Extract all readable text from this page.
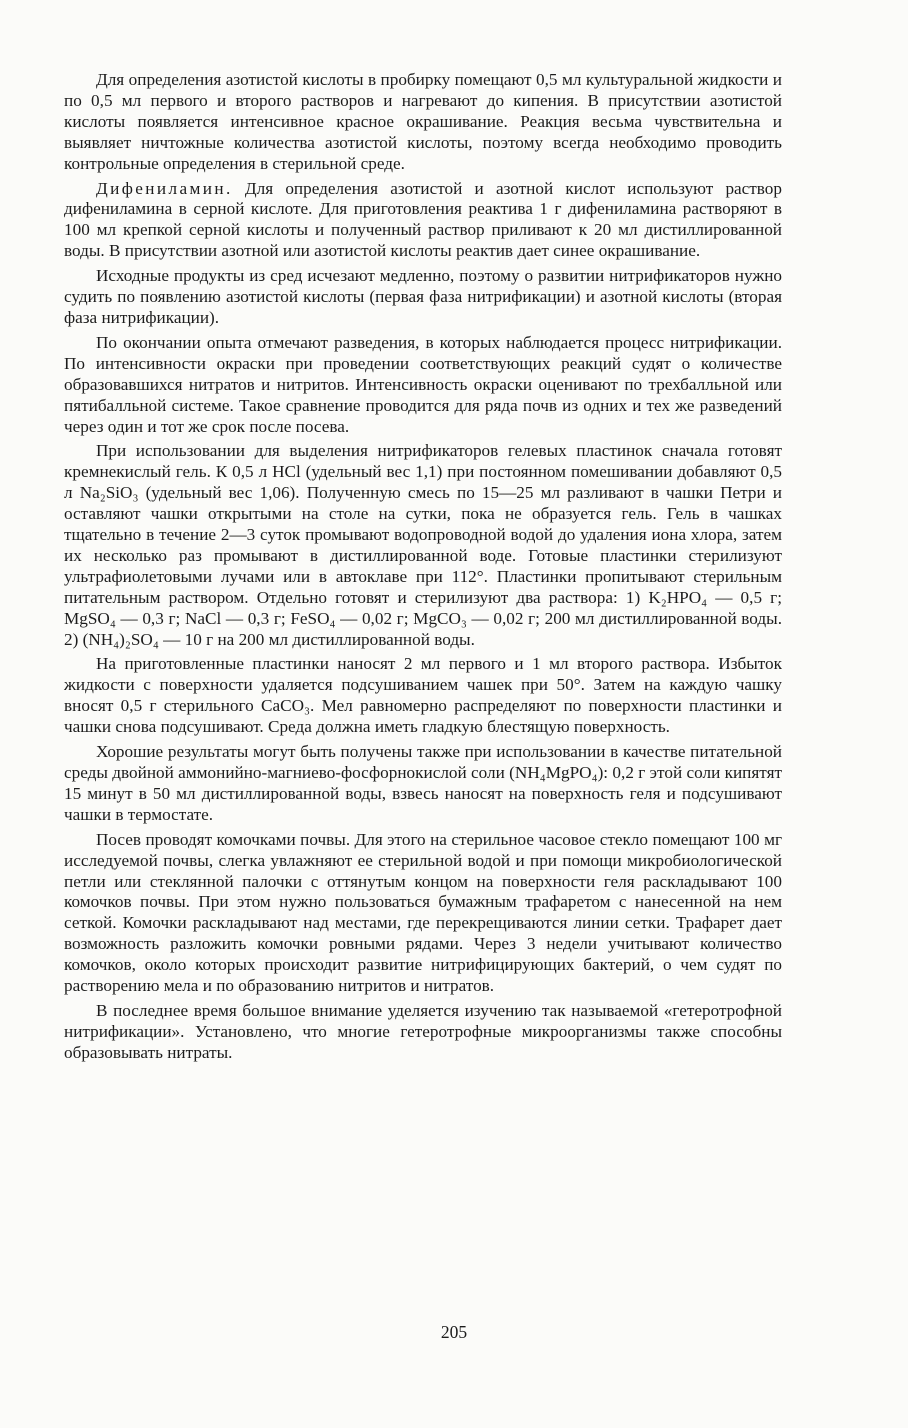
Для определения азотистой кислоты в пробирку помещают 0,5 мл культуральной жидкости и по 0,5 мл первого и второго растворов и нагревают до кипения. В присутствии азотистой кислоты появляется интенсивное красное окрашивание. Реакция весьма чувствительна и выявляет ничтожные количества азотистой кислоты, поэтому всегда необходимо проводить контрольные определения в стерильной среде.

Дифениламин. Для определения азотистой и азотной кислот используют раствор дифениламина в серной кислоте. Для приготовления реактива 1 г дифениламина растворяют в 100 мл крепкой серной кислоты и полученный раствор приливают к 20 мл дистиллированной воды. В присутствии азотной или азотистой кислоты реактив дает синее окрашивание.

Исходные продукты из сред исчезают медленно, поэтому о развитии нитрификаторов нужно судить по появлению азотистой кислоты (первая фаза нитрификации) и азотной кислоты (вторая фаза нитрификации).

По окончании опыта отмечают разведения, в которых наблюдается процесс нитрификации. По интенсивности окраски при проведении соответствующих реакций судят о количестве образовавшихся нитратов и нитритов. Интенсивность окраски оценивают по трехбалльной или пятибалльной системе. Такое сравнение проводится для ряда почв из одних и тех же разведений через один и тот же срок после посева.

При использовании для выделения нитрификаторов гелевых пластинок сначала готовят кремнекислый гель. К 0,5 л HCl (удельный вес 1,1) при постоянном помешивании добавляют 0,5 л Na₂SiO₃ (удельный вес 1,06). Полученную смесь по 15—25 мл разливают в чашки Петри и оставляют чашки открытыми на столе на сутки, пока не образуется гель. Гель в чашках тщательно в течение 2—3 суток промывают водопроводной водой до удаления иона хлора, затем их несколько раз промывают в дистиллированной воде. Готовые пластинки стерилизуют ультрафиолетовыми лучами или в автоклаве при 112°. Пластинки пропитывают стерильным питательным раствором. Отдельно готовят и стерилизуют два раствора: 1) K₂HPO₄ — 0,5 г; MgSO₄ — 0,3 г; NaCl — 0,3 г; FeSO₄ — 0,02 г; MgCO₃ — 0,02 г; 200 мл дистиллированной воды. 2) (NH₄)₂SO₄ — 10 г на 200 мл дистиллированной воды.

На приготовленные пластинки наносят 2 мл первого и 1 мл второго раствора. Избыток жидкости с поверхности удаляется подсушиванием чашек при 50°. Затем на каждую чашку вносят 0,5 г стерильного CaCO₃. Мел равномерно распределяют по поверхности пластинки и чашки снова подсушивают. Среда должна иметь гладкую блестящую поверхность.

Хорошие результаты могут быть получены также при использовании в качестве питательной среды двойной аммонийно-магниево-фосфорнокислой соли (NH₄MgPO₄): 0,2 г этой соли кипятят 15 минут в 50 мл дистиллированной воды, взвесь наносят на поверхность геля и подсушивают чашки в термостате.

Посев проводят комочками почвы. Для этого на стерильное часовое стекло помещают 100 мг исследуемой почвы, слегка увлажняют ее стерильной водой и при помощи микробиологической петли или стеклянной палочки с оттянутым концом на поверхности геля раскладывают 100 комочков почвы. При этом нужно пользоваться бумажным трафаретом с нанесенной на нем сеткой. Комочки раскладывают над местами, где перекрещиваются линии сетки. Трафарет дает возможность разложить комочки ровными рядами. Через 3 недели учитывают количество комочков, около которых происходит развитие нитрифицирующих бактерий, о чем судят по растворению мела и по образованию нитритов и нитратов.

В последнее время большое внимание уделяется изучению так называемой «гетеротрофной нитрификации». Установлено, что многие гетеротрофные микроорганизмы также способны образовывать нитраты.

205
